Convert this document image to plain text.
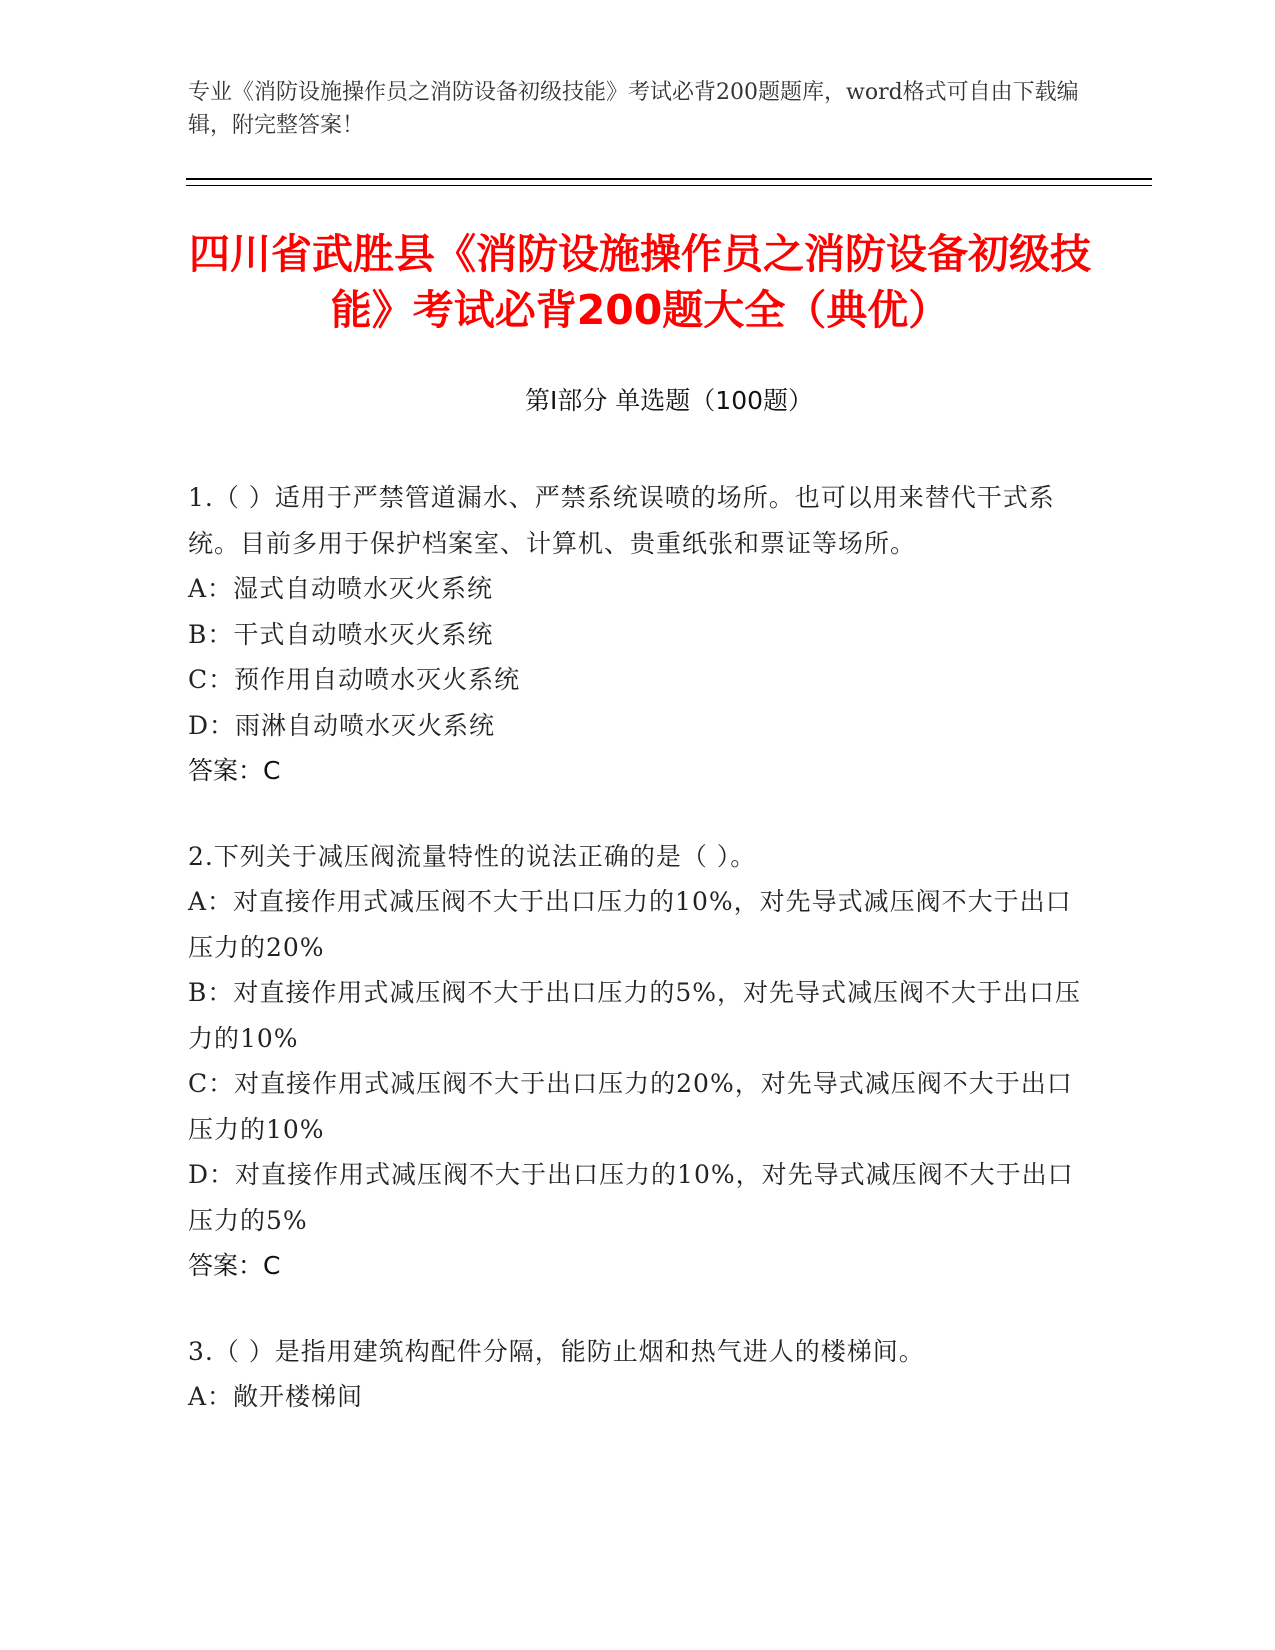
专业《消防设施操作员之消防设备初级技能》考试必背200题题库，word格式可自由下载编辑，附完整答案！
四川省武胜县《消防设施操作员之消防设备初级技能》考试必背200题大全（典优）
第I部分 单选题（100题）
1.（ ）适用于严禁管道漏水、严禁系统误喷的场所。也可以用来替代干式系统。目前多用于保护档案室、计算机、贵重纸张和票证等场所。
A：湿式自动喷水灭火系统
B：干式自动喷水灭火系统
C：预作用自动喷水灭火系统
D：雨淋自动喷水灭火系统
答案：C
2.下列关于减压阀流量特性的说法正确的是（ ）。
A：对直接作用式减压阀不大于出口压力的10%，对先导式减压阀不大于出口压力的20%
B：对直接作用式减压阀不大于出口压力的5%，对先导式减压阀不大于出口压力的10%
C：对直接作用式减压阀不大于出口压力的20%，对先导式减压阀不大于出口压力的10%
D：对直接作用式减压阀不大于出口压力的10%，对先导式减压阀不大于出口压力的5%
答案：C
3.（ ）是指用建筑构配件分隔，能防止烟和热气进人的楼梯间。
A：敞开楼梯间
